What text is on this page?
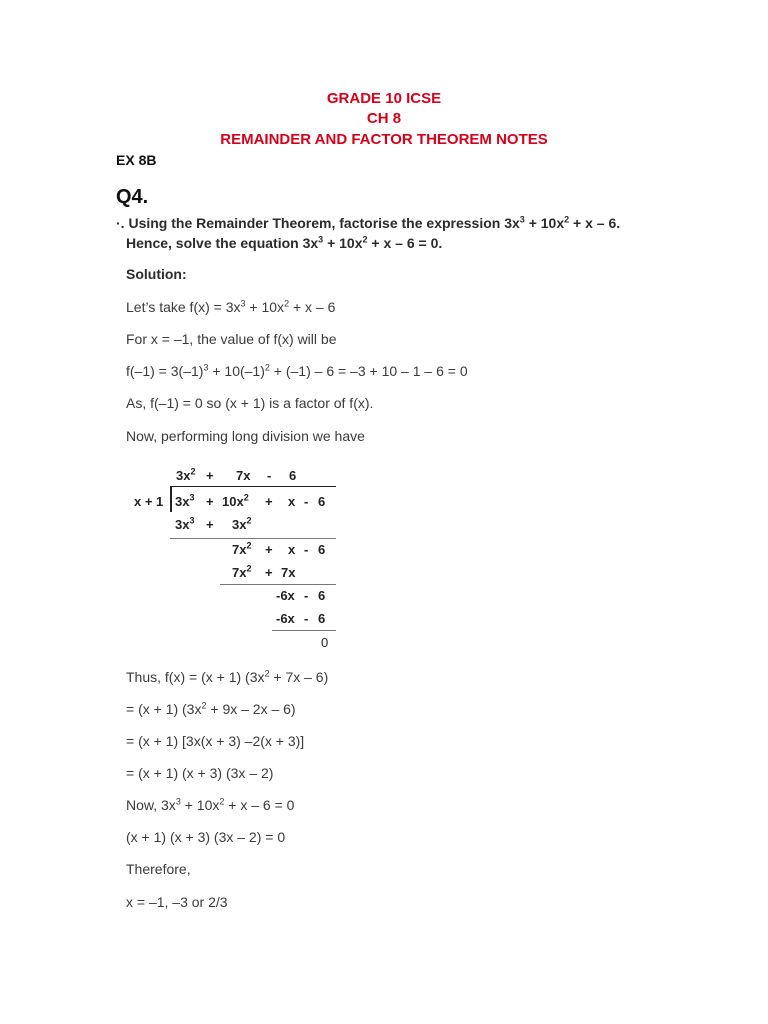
GRADE 10 ICSE
CH 8
REMAINDER AND FACTOR THEOREM NOTES
EX 8B
Q4.
·. Using the Remainder Theorem, factorise the expression $3x^3 + 10x^2 + x - 6$.
Hence, solve the equation $3x^3 + 10x^2 + x - 6 = 0$.
Solution:
Let’s take $f(x) = 3x^3 + 10x^2 + x - 6$
For x = –1, the value of f(x) will be
$f(-1) = 3(-1)^3 + 10(-1)^2 + (-1) - 6 = -3 + 10 - 1 - 6 = 0$
As, f(–1) = 0 so (x + 1) is a factor of f(x).
Now, performing long division we have
$3x^2 + 7x - 6$
x + 1 $3x^3 + 10x^2 + x - 6$
$3x^3 + 3x^2$
$7x^2 + x - 6$
$7x^2 + 7x$
-6x - 6
-6x - 6
0
Thus, f(x) = (x + 1) $(3x^2 + 7x - 6)$
= (x + 1) $(3x^2 + 9x - 2x - 6)$
= (x + 1) [3x(x + 3) –2(x + 3)]
= (x + 1) (x + 3) (3x – 2)
Now, $3x^3 + 10x^2 + x - 6 = 0$
(x + 1) (x + 3) (3x – 2) = 0
Therefore,
x = –1, –3 or 2/3
